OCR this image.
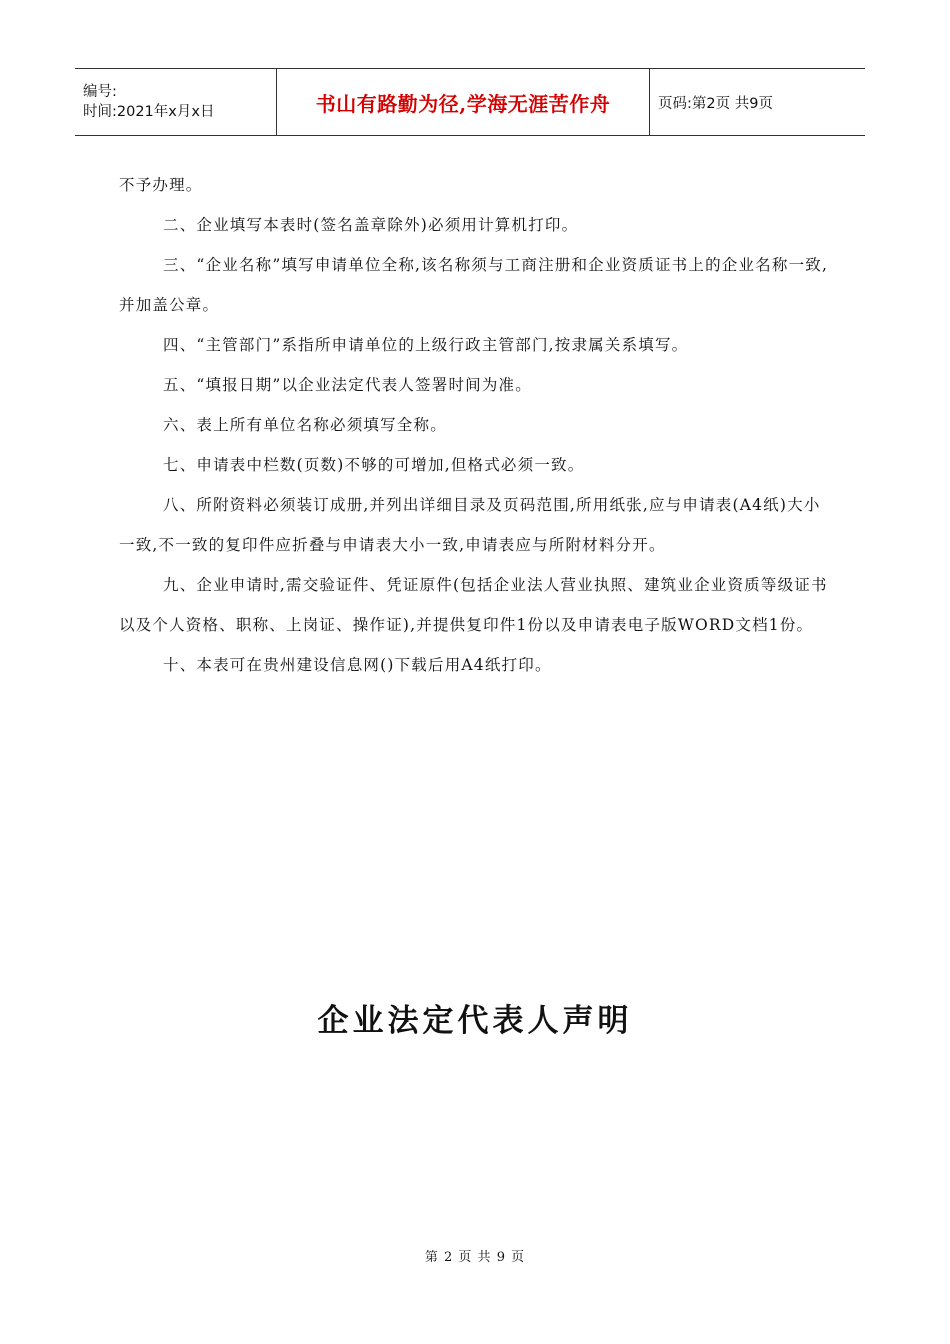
编号:
时间:2021年x月x日	书山有路勤为径,学海无涯苦作舟	页码:第2页 共9页

不予办理。

二、企业填写本表时(签名盖章除外)必须用计算机打印。

三、“企业名称”填写申请单位全称,该名称须与工商注册和企业资质证书上的企业名称一致,并加盖公章。

四、“主管部门”系指所申请单位的上级行政主管部门,按隶属关系填写。

五、“填报日期”以企业法定代表人签署时间为准。

六、表上所有单位名称必须填写全称。

七、申请表中栏数(页数)不够的可增加,但格式必须一致。

八、所附资料必须装订成册,并列出详细目录及页码范围,所用纸张,应与申请表(A4纸)大小一致,不一致的复印件应折叠与申请表大小一致,申请表应与所附材料分开。

九、企业申请时,需交验证件、凭证原件(包括企业法人营业执照、建筑业企业资质等级证书以及个人资格、职称、上岗证、操作证),并提供复印件1份以及申请表电子版WORD文档1份。

十、本表可在贵州建设信息网()下载后用A4纸打印。

企业法定代表人声明
第 2 页 共 9 页
